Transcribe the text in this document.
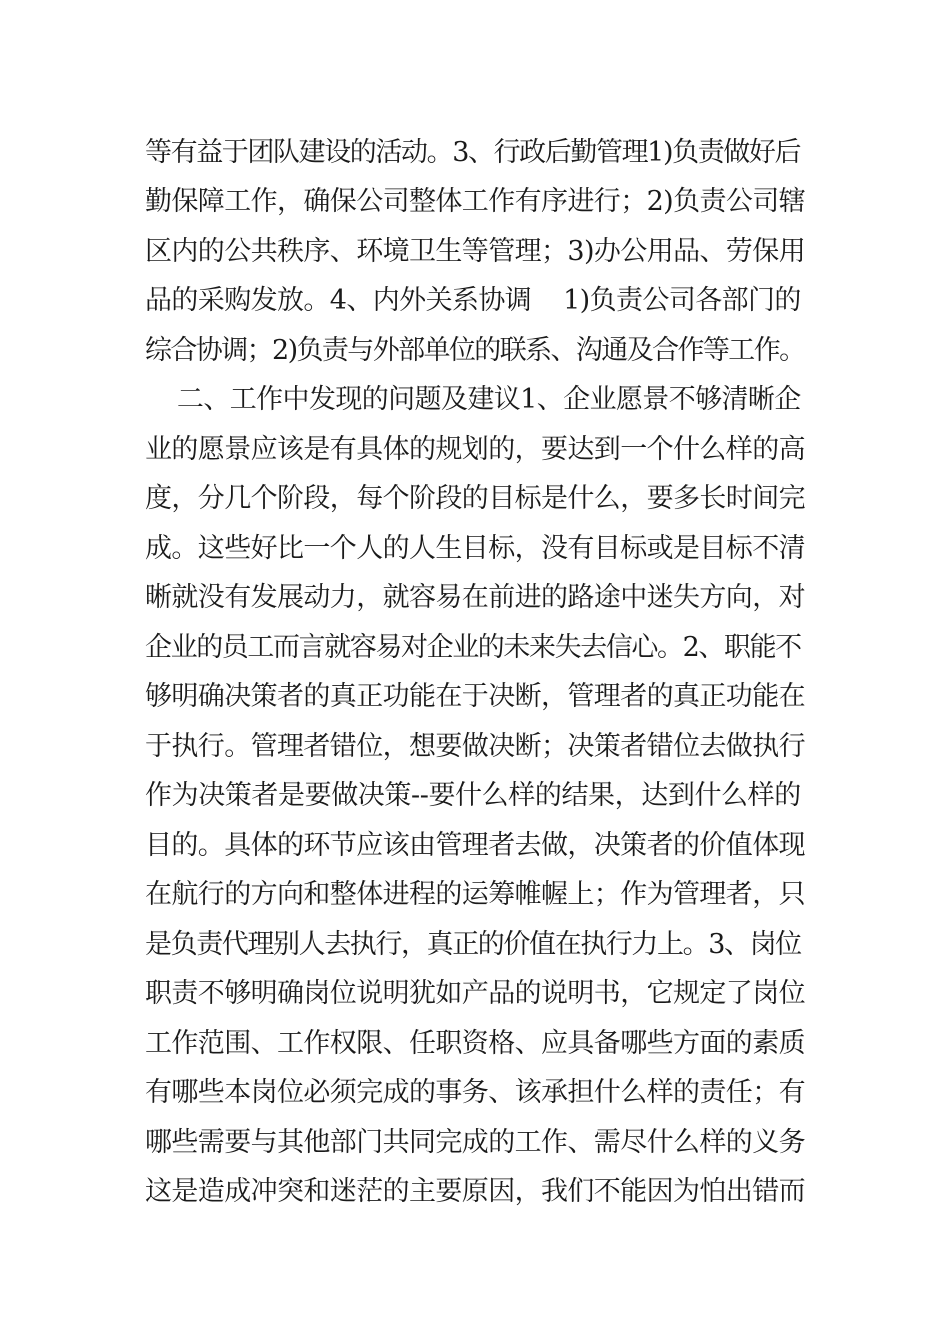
等有益于团队建设的活动。3、行政后勤管理1)负责做好后
勤保障工作，确保公司整体工作有序进行；2)负责公司辖
区内的公共秩序、环境卫生等管理；3)办公用品、劳保用
品的采购发放。4、内外关系协调    1)负责公司各部门的
综合协调；2)负责与外部单位的联系、沟通及合作等工作。
二、工作中发现的问题及建议1、企业愿景不够清晰企
业的愿景应该是有具体的规划的，要达到一个什么样的高
度，分几个阶段，每个阶段的目标是什么，要多长时间完
成。这些好比一个人的人生目标，没有目标或是目标不清
晰就没有发展动力，就容易在前进的路途中迷失方向，对
企业的员工而言就容易对企业的未来失去信心。2、职能不
够明确决策者的真正功能在于决断，管理者的真正功能在
于执行。管理者错位，想要做决断；决策者错位去做执行
作为决策者是要做决策--要什么样的结果，达到什么样的
目的。具体的环节应该由管理者去做，决策者的价值体现
在航行的方向和整体进程的运筹帷幄上；作为管理者，只
是负责代理别人去执行，真正的价值在执行力上。3、岗位
职责不够明确岗位说明犹如产品的说明书，它规定了岗位
工作范围、工作权限、任职资格、应具备哪些方面的素质
有哪些本岗位必须完成的事务、该承担什么样的责任；有
哪些需要与其他部门共同完成的工作、需尽什么样的义务
这是造成冲突和迷茫的主要原因，我们不能因为怕出错而
